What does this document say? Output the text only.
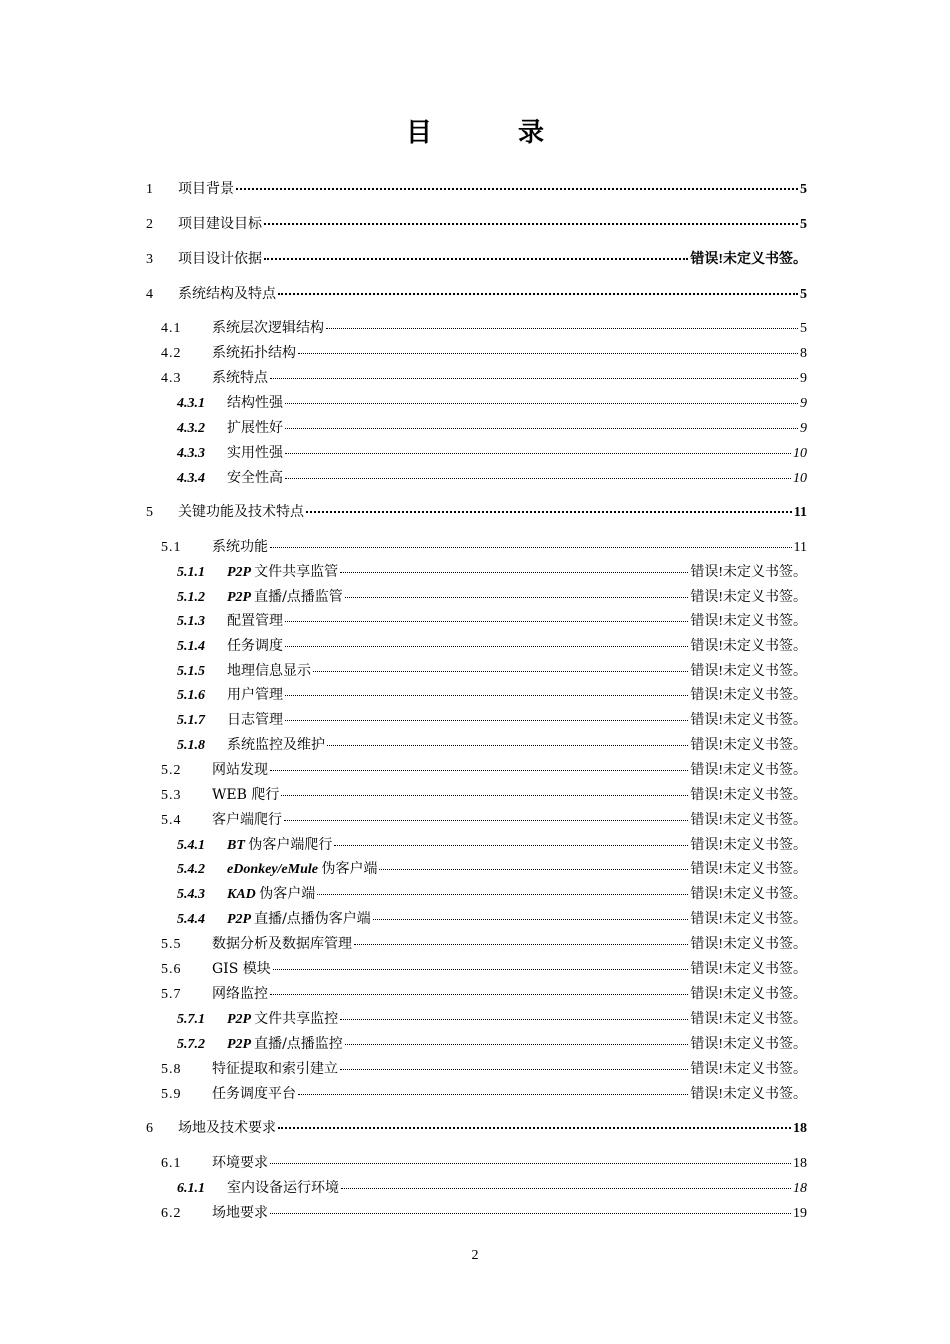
目　录
1	项目背景	5
2	项目建设目标	5
3	项目设计依据	错误!未定义书签。
4	系统结构及特点	5
4.1	系统层次逻辑结构	5
4.2	系统拓扑结构	8
4.3	系统特点	9
4.3.1	结构性强	9
4.3.2	扩展性好	9
4.3.3	实用性强	10
4.3.4	安全性高	10
5	关键功能及技术特点	11
5.1	系统功能	11
5.1.1	P2P 文件共享监管	错误!未定义书签。
5.1.2	P2P 直播/点播监管	错误!未定义书签。
5.1.3	配置管理	错误!未定义书签。
5.1.4	任务调度	错误!未定义书签。
5.1.5	地理信息显示	错误!未定义书签。
5.1.6	用户管理	错误!未定义书签。
5.1.7	日志管理	错误!未定义书签。
5.1.8	系统监控及维护	错误!未定义书签。
5.2	网站发现	错误!未定义书签。
5.3	WEB 爬行	错误!未定义书签。
5.4	客户端爬行	错误!未定义书签。
5.4.1	BT 伪客户端爬行	错误!未定义书签。
5.4.2	eDonkey/eMule 伪客户端	错误!未定义书签。
5.4.3	KAD 伪客户端	错误!未定义书签。
5.4.4	P2P 直播/点播伪客户端	错误!未定义书签。
5.5	数据分析及数据库管理	错误!未定义书签。
5.6	GIS 模块	错误!未定义书签。
5.7	网络监控	错误!未定义书签。
5.7.1	P2P 文件共享监控	错误!未定义书签。
5.7.2	P2P 直播/点播监控	错误!未定义书签。
5.8	特征提取和索引建立	错误!未定义书签。
5.9	任务调度平台	错误!未定义书签。
6	场地及技术要求	18
6.1	环境要求	18
6.1.1	室内设备运行环境	18
6.2	场地要求	19
2
